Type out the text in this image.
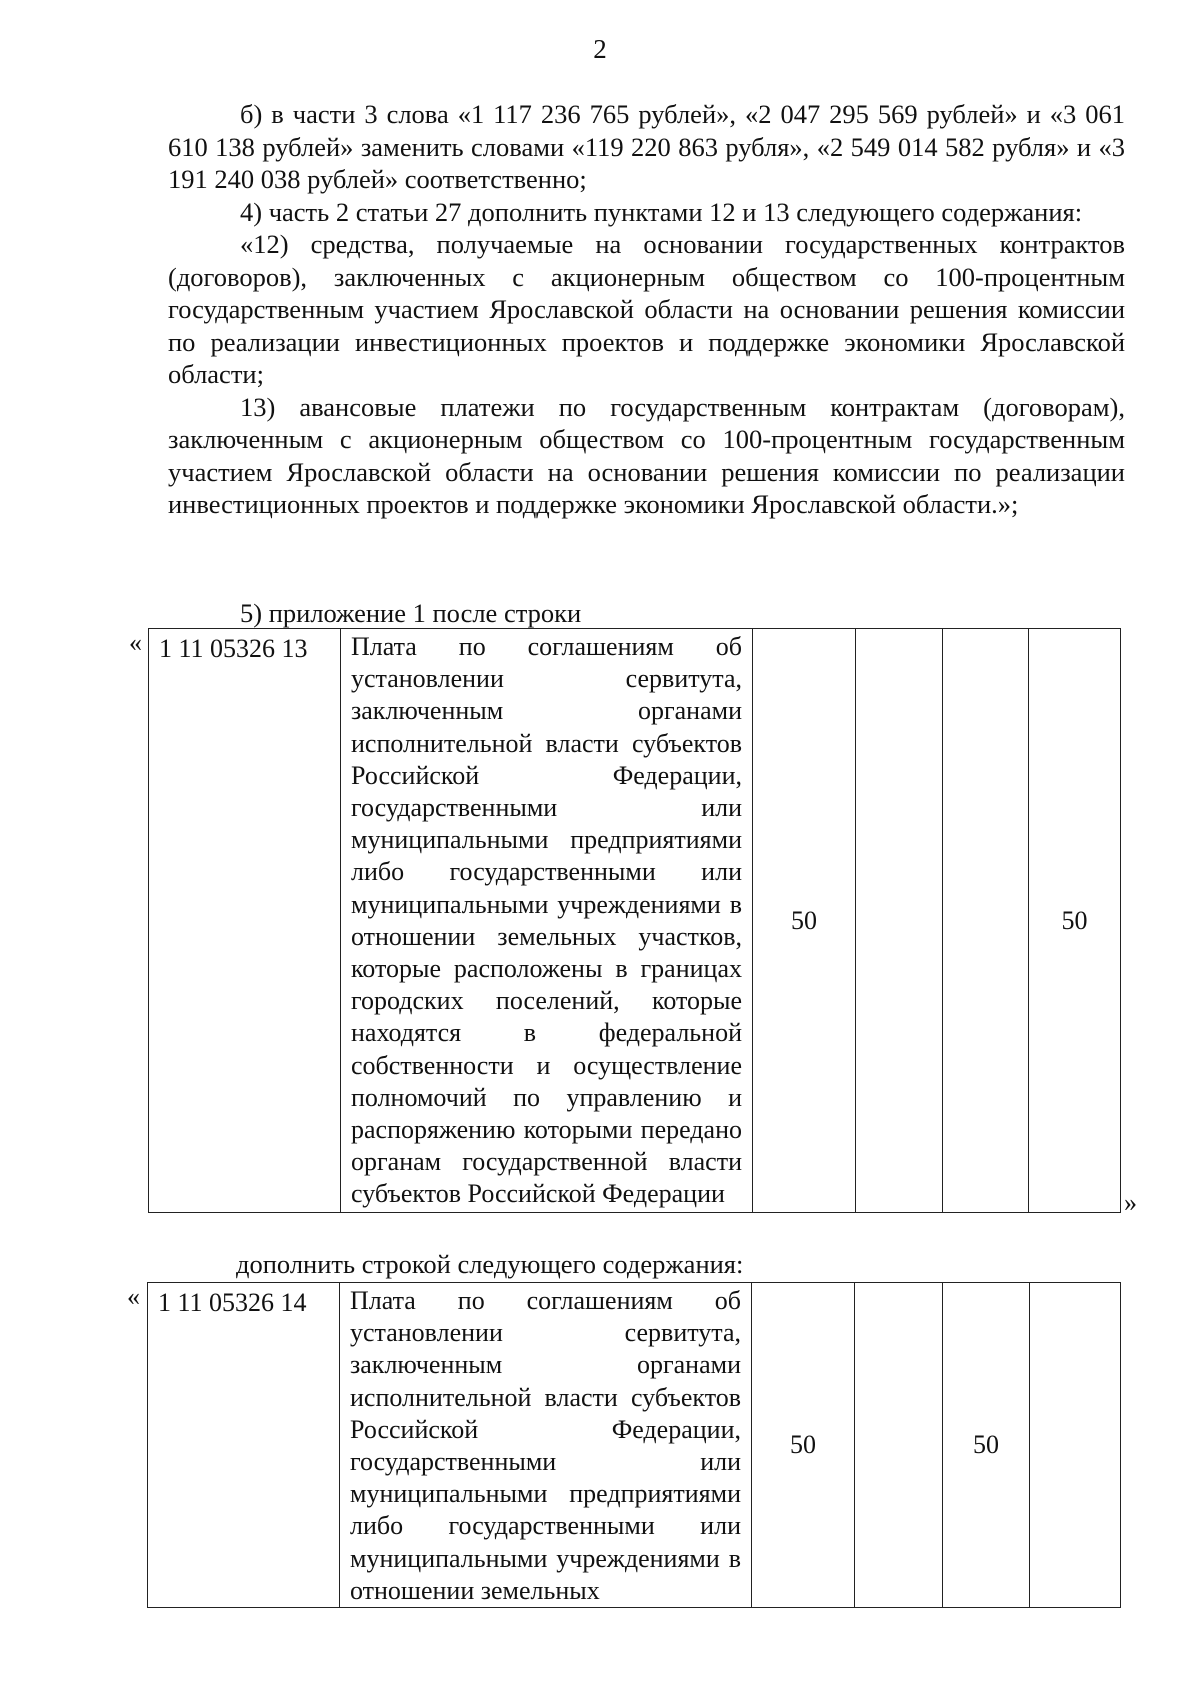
2

б) в части 3 слова «1 117 236 765 рублей», «2 047 295 569 рублей» и «3 061 610 138 рублей» заменить словами «119 220 863 рубля», «2 549 014 582 рубля» и «3 191 240 038 рублей» соответственно;

4) часть 2 статьи 27 дополнить пунктами 12 и 13 следующего содержания:

«12) средства, получаемые на основании государственных контрактов (договоров), заключенных с акционерным обществом со 100-процентным государственным участием Ярославской области на основании решения комиссии по реализации инвестиционных проектов и поддержке экономики Ярославской области;

13) авансовые платежи по государственным контрактам (договорам), заключенным с акционерным обществом со 100-процентным государственным участием Ярославской области на основании решения комиссии по реализации инвестиционных проектов и поддержке экономики Ярославской области.»;

5) приложение 1 после строки
« 1 11 05326 13	Плата по соглашениям об установлении сервитута, заключенным органами исполнительной власти субъектов Российской Федерации, государственными или муниципальными предприятиями либо государственными или муниципальными учреждениями в отношении земельных участков, которые расположены в границах городских поселений, которые находятся в федеральной собственности и осуществление полномочий по управлению и распоряжению которыми передано органам государственной власти субъектов Российской Федерации	50			50
»
дополнить строкой следующего содержания:
« 1 11 05326 14	Плата по соглашениям об установлении сервитута, заключенным органами исполнительной власти субъектов Российской Федерации, государственными или муниципальными предприятиями либо государственными или муниципальными учреждениями в отношении земельных	50		50	
